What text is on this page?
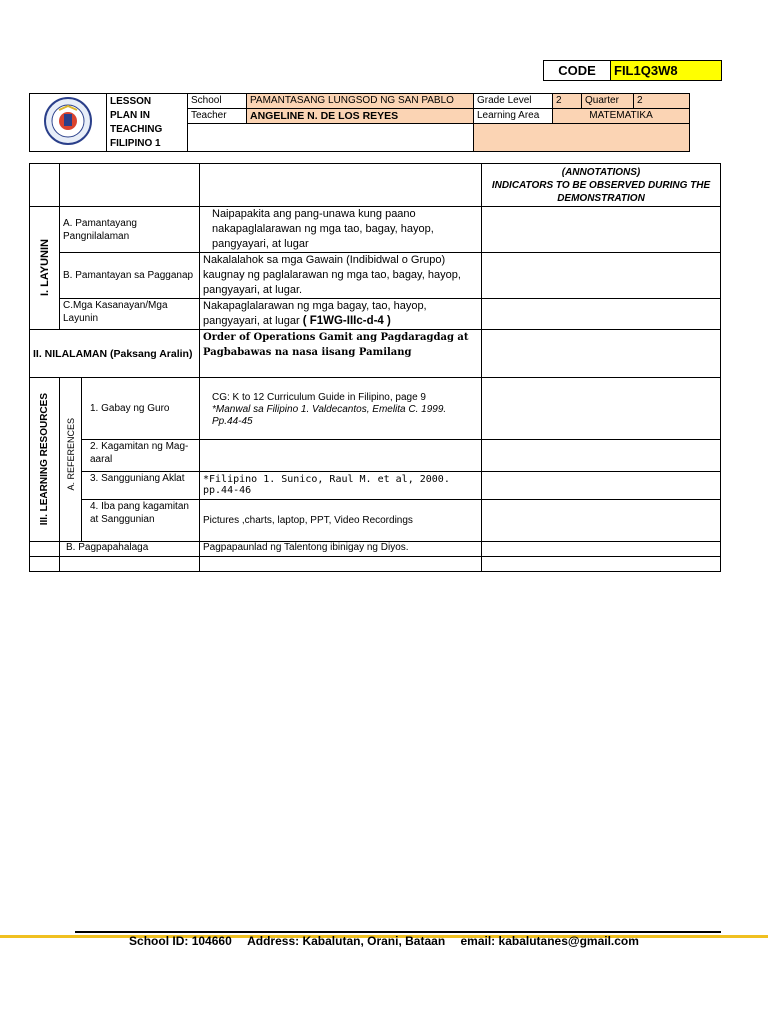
CODE	FIL1Q3W8

LESSON
PLAN IN
TEACHING
FILIPINO 1	School	PAMANTASANG LUNGSOD NG SAN PABLO	Grade Level	2	Quarter	2
		Teacher	ANGELINE N. DE LOS REYES	Learning Area	MATEMATIKA		

				(ANNOTATIONS)
INDICATORS TO BE OBSERVED DURING THE
DEMONSTRATION

I. LAYUNIN	A. Pamantayang Pangnilalaman		Naipapakita ang pang-unawa kung paano nakapaglalarawan ng mga tao, bagay, hayop, pangyayari, at lugar	
	B. Pamantayan sa Pagganap		Nakalalahok sa mga Gawain (Indibidwal o Grupo) kaugnay ng paglalarawan ng mga tao, bagay, hayop, pangyayari, at lugar.	
	C.Mga Kasanayan/Mga Layunin		Nakapaglalarawan ng mga bagay, tao, hayop, pangyayari, at lugar ( F1WG-IIIc-d-4 )	
II. NILALAMAN (Paksang Aralin)			Order of Operations Gamit ang Pagdaragdag at Pagbabawas na nasa iisang Pamilang	

III. LEARNING RESOURCES	A. REFERENCES	1. Gabay ng Guro	CG: K to 12 Curriculum Guide in Filipino, page 9
*Manwal sa Filipino 1. Valdecantos, Emelita C. 1999. Pp.44-45	

		2. Kagamitan ng Mag-aaral		
		3. Sangguniang Aklat	*Filipino 1. Sunico, Raul M. et al, 2000. pp.44-46	
		4. Iba pang kagamitan at Sanggunian	Pictures ,charts, laptop, PPT, Video Recordings	
	B. Pagpapahalaga		Pagpapaunlad ng Talentong ibinigay ng Diyos.	

School ID: 104660 Address: Kabalutan, Orani, Bataan email: kabalutanes@gmail.com
